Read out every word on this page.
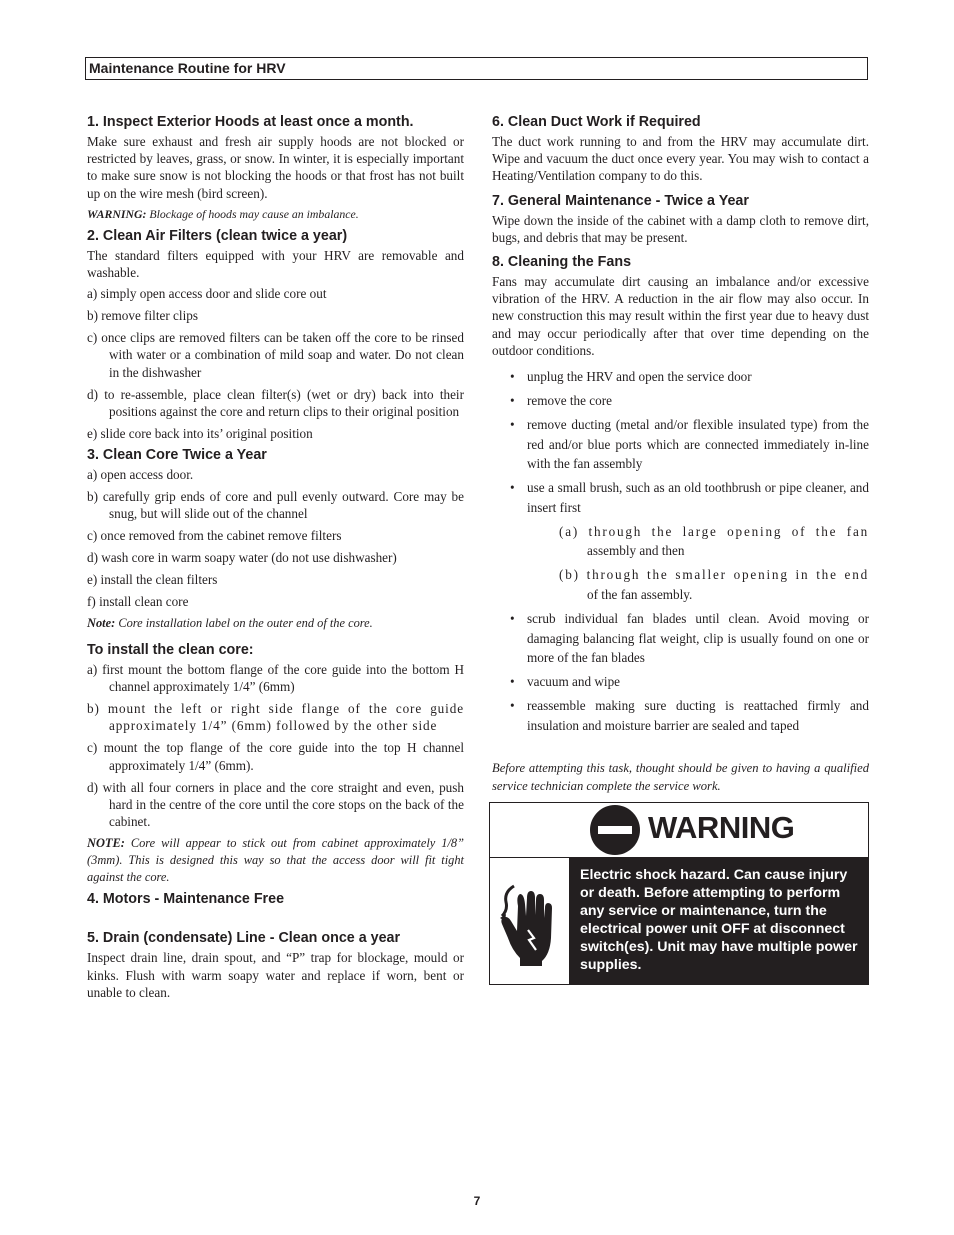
Maintenance Routine for HRV
1. Inspect Exterior Hoods at least once a month.

Make sure exhaust and fresh air supply hoods are not blocked or restricted by leaves, grass, or snow. In winter, it is especially important to make sure snow is not blocking the hoods or that frost has not built up on the wire mesh (bird screen).

WARNING: Blockage of hoods may cause an imbalance.
2. Clean Air Filters (clean twice a year)

The standard filters equipped with your HRV are removable and washable.

a) simply open access door and slide core out
b) remove filter clips
c) once clips are removed filters can be taken off the core to be rinsed with water or a combination of mild soap and water. Do not clean in the dishwasher
d) to re-assemble, place clean filter(s) (wet or dry) back into their positions against the core and return clips to their original position
e) slide core back into its’ original position
3. Clean Core Twice a Year
a) open access door.
b) carefully grip ends of core and pull evenly outward. Core may be snug, but will slide out of the channel
c) once removed from the cabinet remove filters
d) wash core in warm soapy water (do not use dishwasher)
e) install the clean filters
f) install clean core
Note: Core installation label on the outer end of the core.
To install the clean core:
a) first mount the bottom flange of the core guide into the bottom H channel approximately 1/4” (6mm)
b) mount the left or right side flange of the core guide approximately 1/4” (6mm) followed by the other side
c) mount the top flange of the core guide into the top H channel approximately 1/4” (6mm).
d) with all four corners in place and the core straight and even, push hard in the centre of the core until the core stops on the back of the cabinet.
NOTE: Core will appear to stick out from cabinet approximately 1/8” (3mm). This is designed this way so that the access door will fit tight against the core.
4. Motors - Maintenance Free
5. Drain (condensate) Line - Clean once a year

Inspect drain line, drain spout, and “P” trap for blockage, mould or kinks. Flush with warm soapy water and replace if worn, bent or unable to clean.

6. Clean Duct Work if Required

The duct work running to and from the HRV may accumulate dirt. Wipe and vacuum the duct once every year. You may wish to contact a Heating/Ventilation company to do this.

7. General Maintenance - Twice a Year

Wipe down the inside of the cabinet with a damp cloth to remove dirt, bugs, and debris that may be present.

8. Cleaning the Fans

Fans may accumulate dirt causing an imbalance and/or excessive vibration of the HRV. A reduction in the air flow may also occur. In new construction this may result within the first year due to heavy dust and may occur periodically after that over time depending on the outdoor conditions.

• unplug the HRV and open the service door
• remove the core
• remove ducting (metal and/or flexible insulated type) from the red and/or blue ports which are connected immediately in-line with the fan assembly
• use a small brush, such as an old toothbrush or pipe cleaner, and insert first
(a) through the large opening of the fan assembly and then
(b) through the smaller opening in the end of the fan assembly.
• scrub individual fan blades until clean. Avoid moving or damaging balancing flat weight, clip is usually found on one or more of the fan blades
• vacuum and wipe
• reassemble making sure ducting is reattached firmly and insulation and moisture barrier are sealed and taped
Before attempting this task, thought should be given to having a qualified service technician complete the service work.
WARNING
Electric shock hazard. Can cause injury or death. Before attempting to perform any service or maintenance, turn the electrical power unit OFF at disconnect switch(es). Unit may have multiple power supplies.
7
